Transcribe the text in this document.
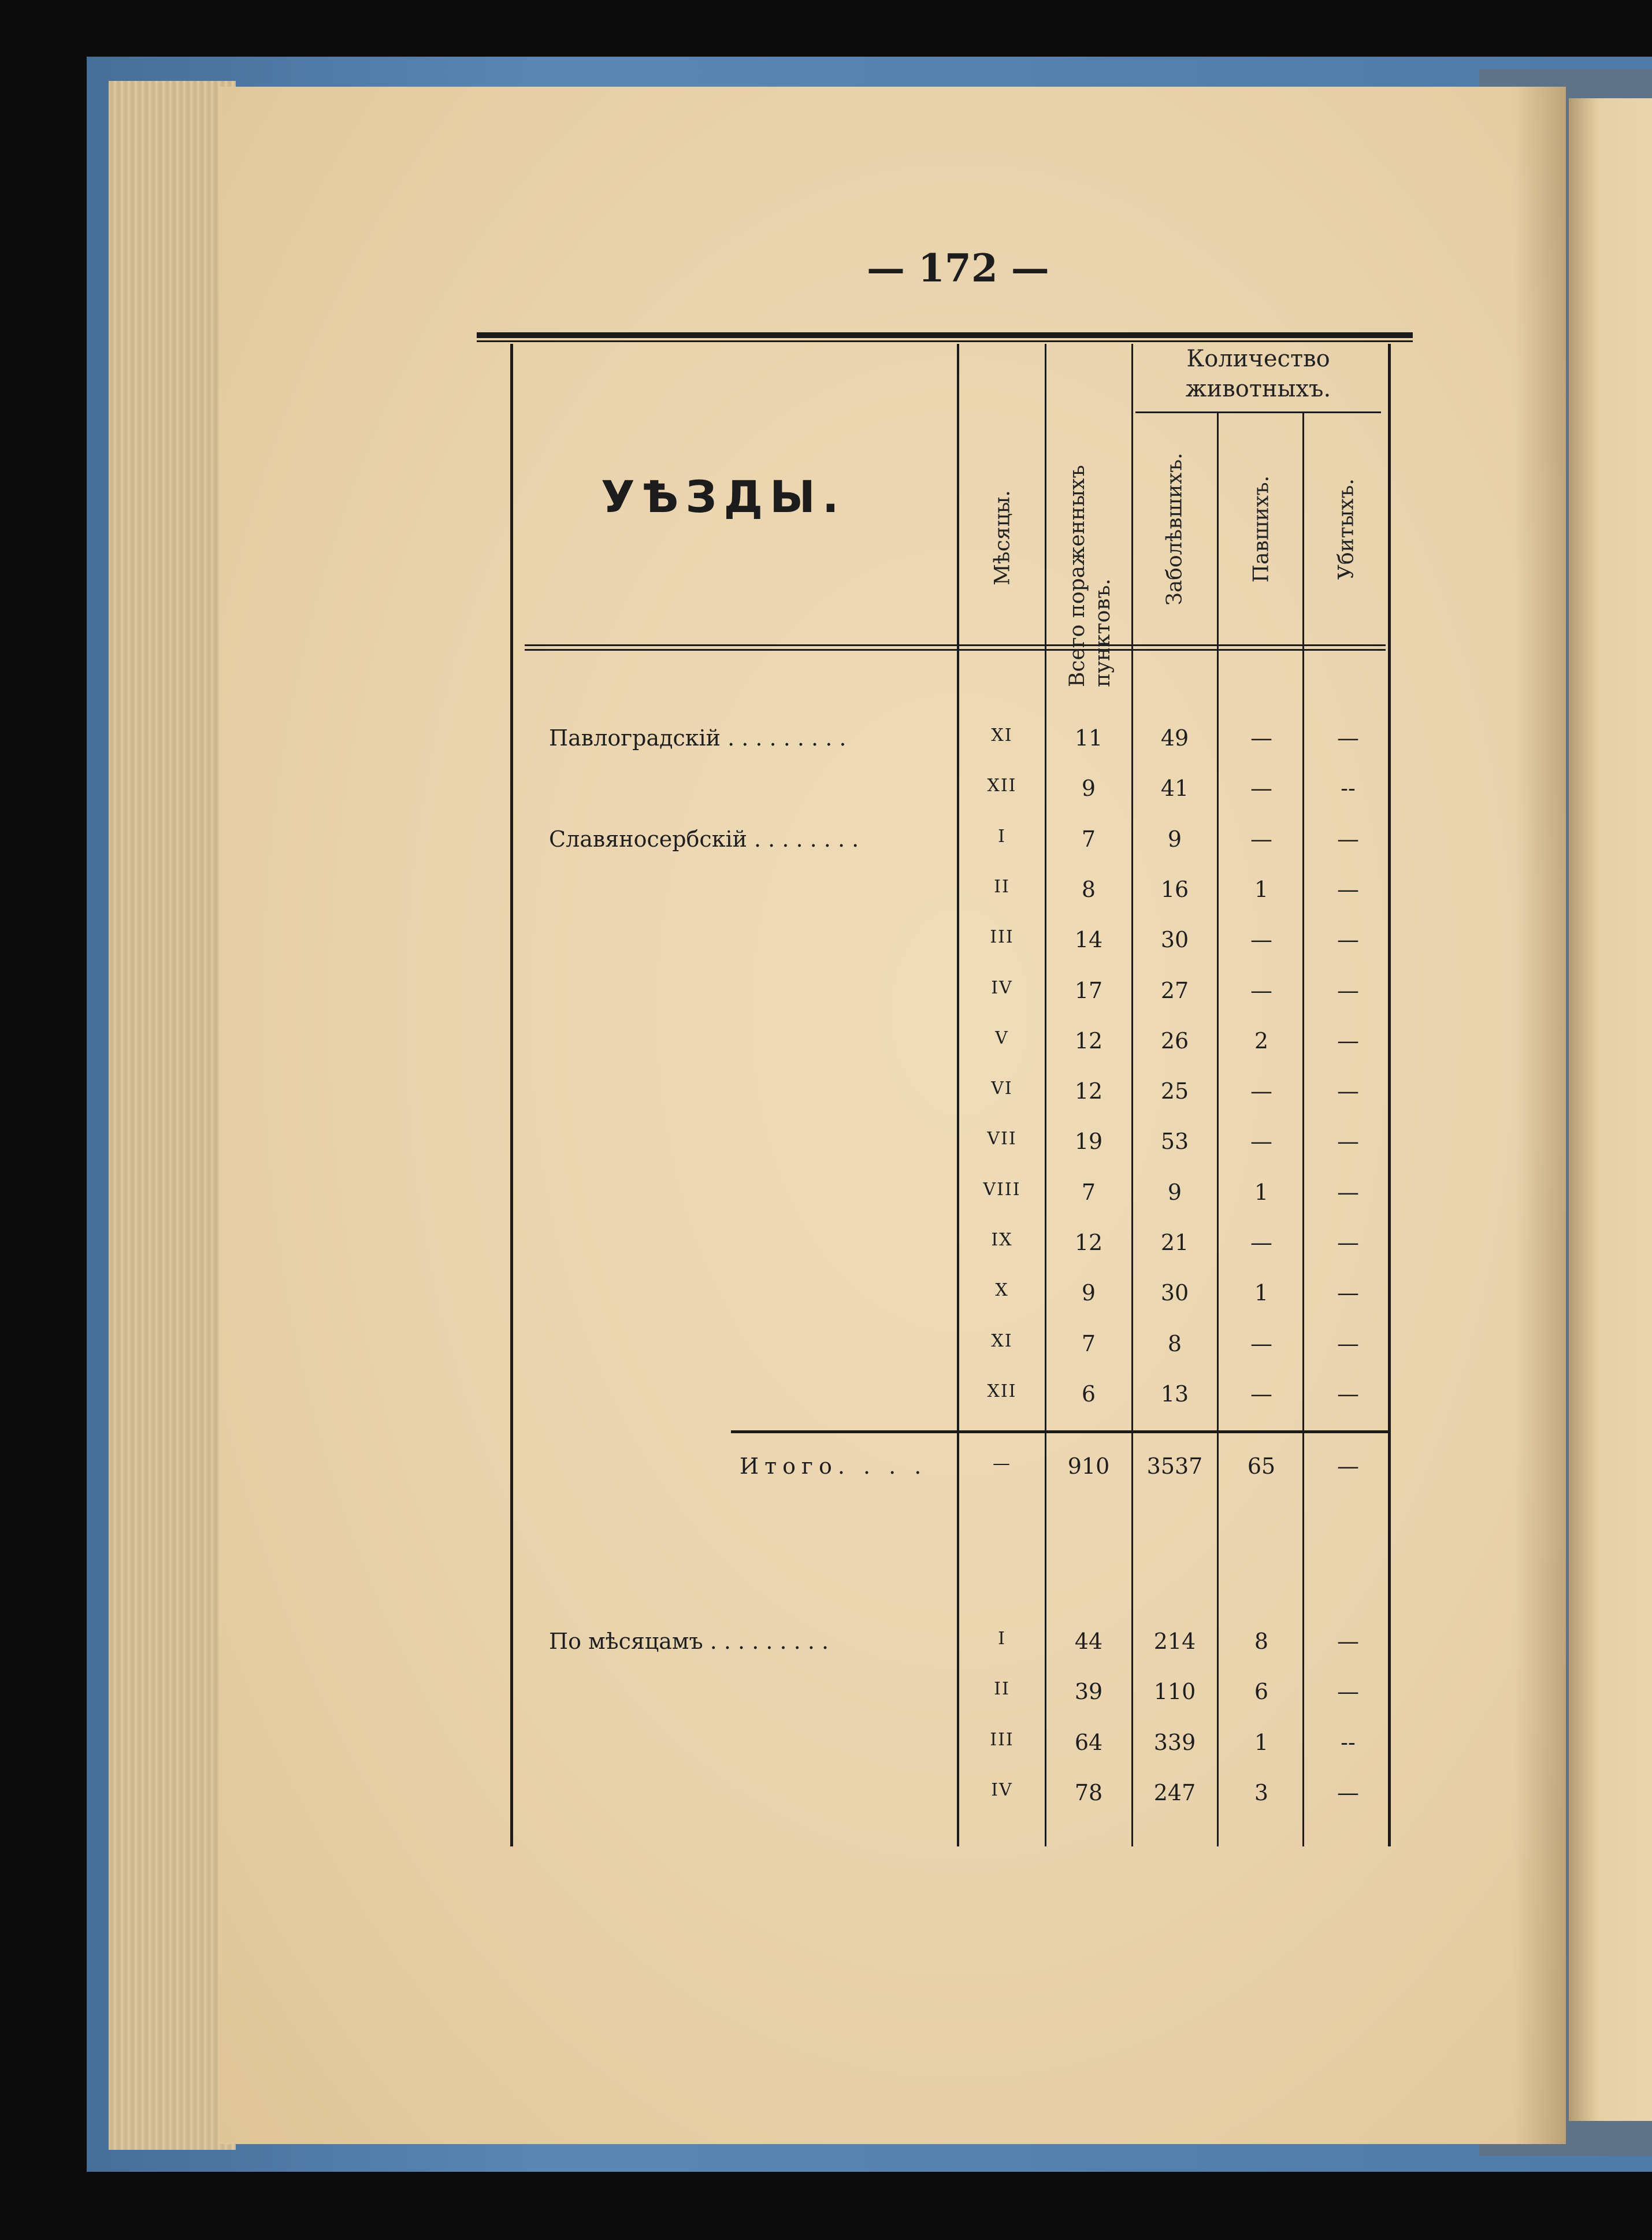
— 172 —
УѢЗДЫ.	Мѣсяцы. Всего пораженныхъ пунктовъ.
Количество животныхъ.
Заболѣвшихъ.	Павшихъ.	Убитыхъ.
Павлоградскій . . . . . . . . .	XI	11	49	—	—
XII	9	41	—	--
Славяносербскій . . . . . . . .	I	7	9	—	—
II	8	16	1	—
III	14	30	—	—
IV	17	27	—	—
V	12	26	2	—
VI	12	25	—	—
VII	19	53	—	—
VIII	7	9	1	—
IX	12	21	—	—
X	9	30	1	—
XI	7	8	—	—
XII	6	13	—	—
Итого. . . .	—	910	3537	65	—
По мѣсяцамъ . . . . . . . . .	I	44	214	8	—
II	39	110	6	—
III	64	339	1	--
IV	78	247	3	—
